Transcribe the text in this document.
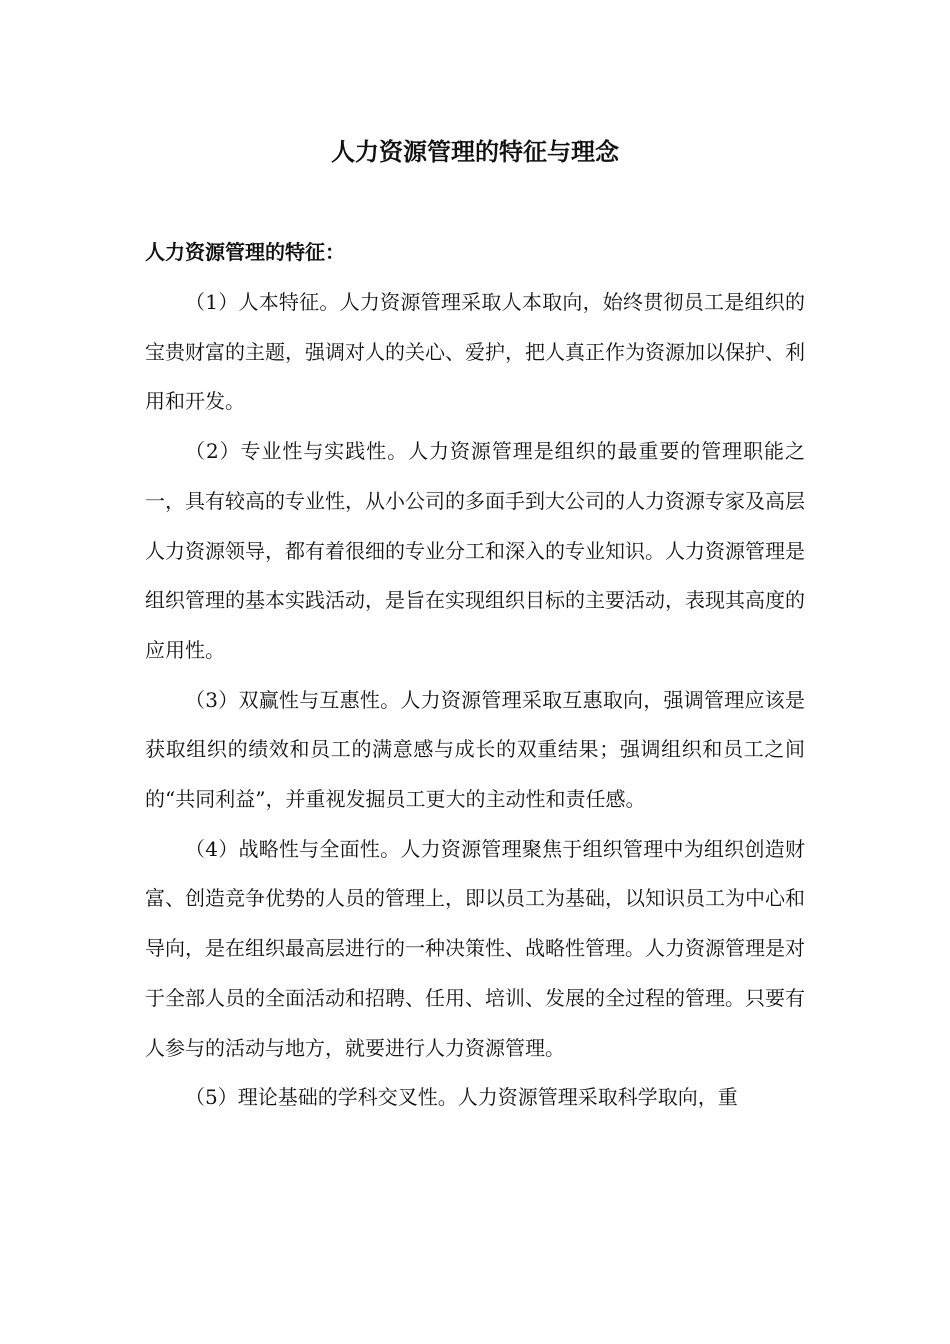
人力资源管理的特征与理念
人力资源管理的特征：

（1）人本特征。人力资源管理采取人本取向，始终贯彻员工是组织的宝贵财富的主题，强调对人的关心、爱护，把人真正作为资源加以保护、利用和开发。

（2）专业性与实践性。人力资源管理是组织的最重要的管理职能之一，具有较高的专业性，从小公司的多面手到大公司的人力资源专家及高层人力资源领导，都有着很细的专业分工和深入的专业知识。人力资源管理是组织管理的基本实践活动，是旨在实现组织目标的主要活动，表现其高度的应用性。

（3）双赢性与互惠性。人力资源管理采取互惠取向，强调管理应该是获取组织的绩效和员工的满意感与成长的双重结果；强调组织和员工之间的“共同利益”，并重视发掘员工更大的主动性和责任感。

（4）战略性与全面性。人力资源管理聚焦于组织管理中为组织创造财富、创造竞争优势的人员的管理上，即以员工为基础，以知识员工为中心和导向，是在组织最高层进行的一种决策性、战略性管理。人力资源管理是对于全部人员的全面活动和招聘、任用、培训、发展的全过程的管理。只要有人参与的活动与地方，就要进行人力资源管理。

（5）理论基础的学科交叉性。人力资源管理采取科学取向，重
